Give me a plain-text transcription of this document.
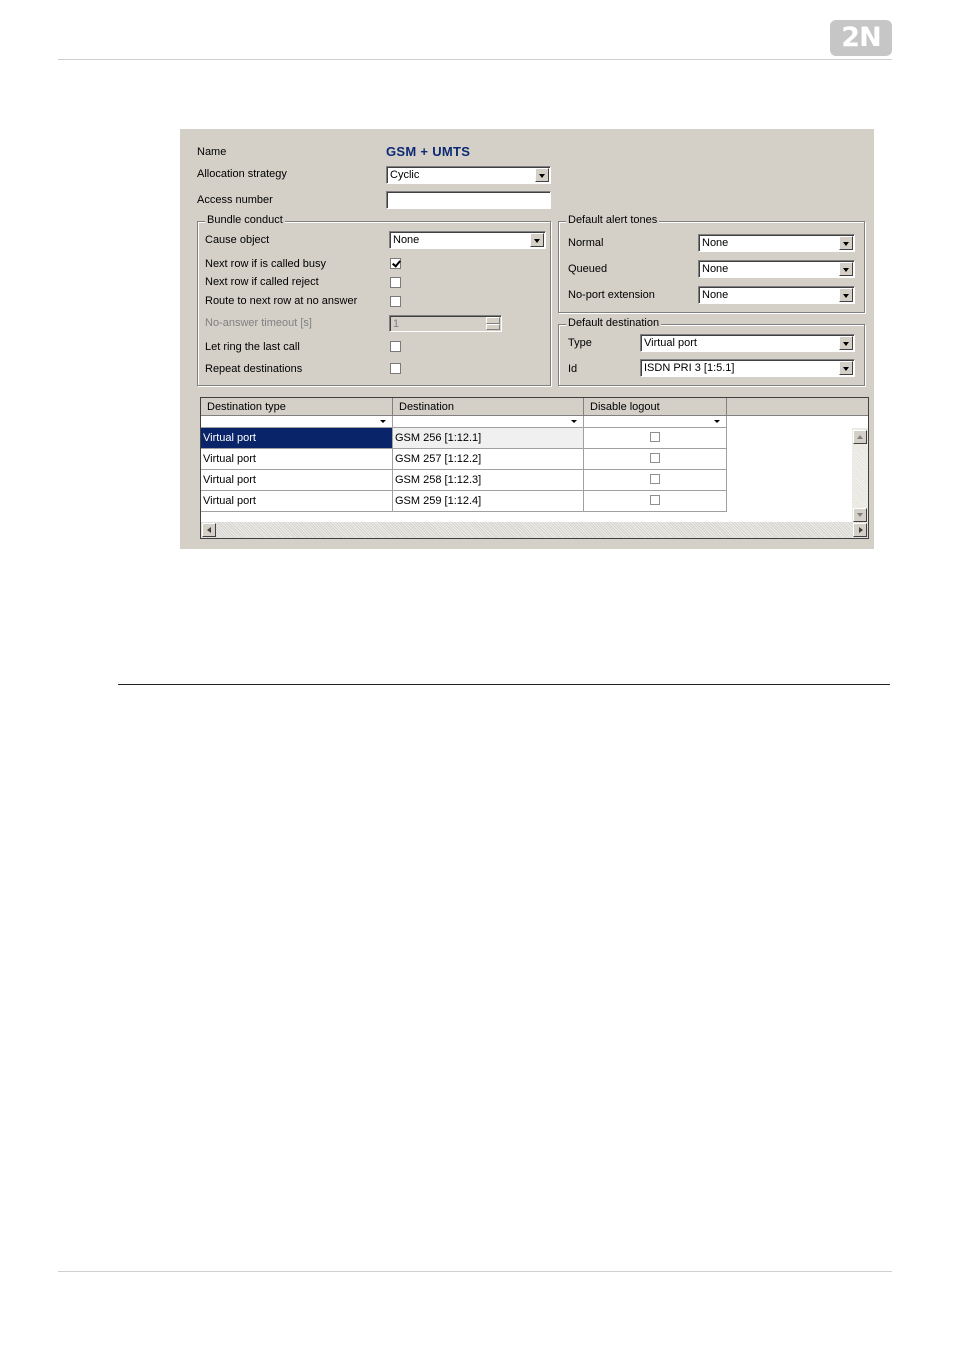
2N
Name	GSM + UMTS
Allocation strategy	Cyclic
Access number
Bundle conduct
Cause object	None
Next row if is called busy
Next row if called reject
Route to next row at no answer
No-answer timeout [s]	1
Let ring the last call
Repeat destinations
Default alert tones
Normal	None
Queued	None
No-port extension	None
Default destination
Type	Virtual port
Id	ISDN PRI 3 [1:5.1]
Destination type	Destination	Disable logout
Virtual port	GSM 256 [1:12.1]
Virtual port	GSM 257 [1:12.2]
Virtual port	GSM 258 [1:12.3]
Virtual port	GSM 259 [1:12.4]
